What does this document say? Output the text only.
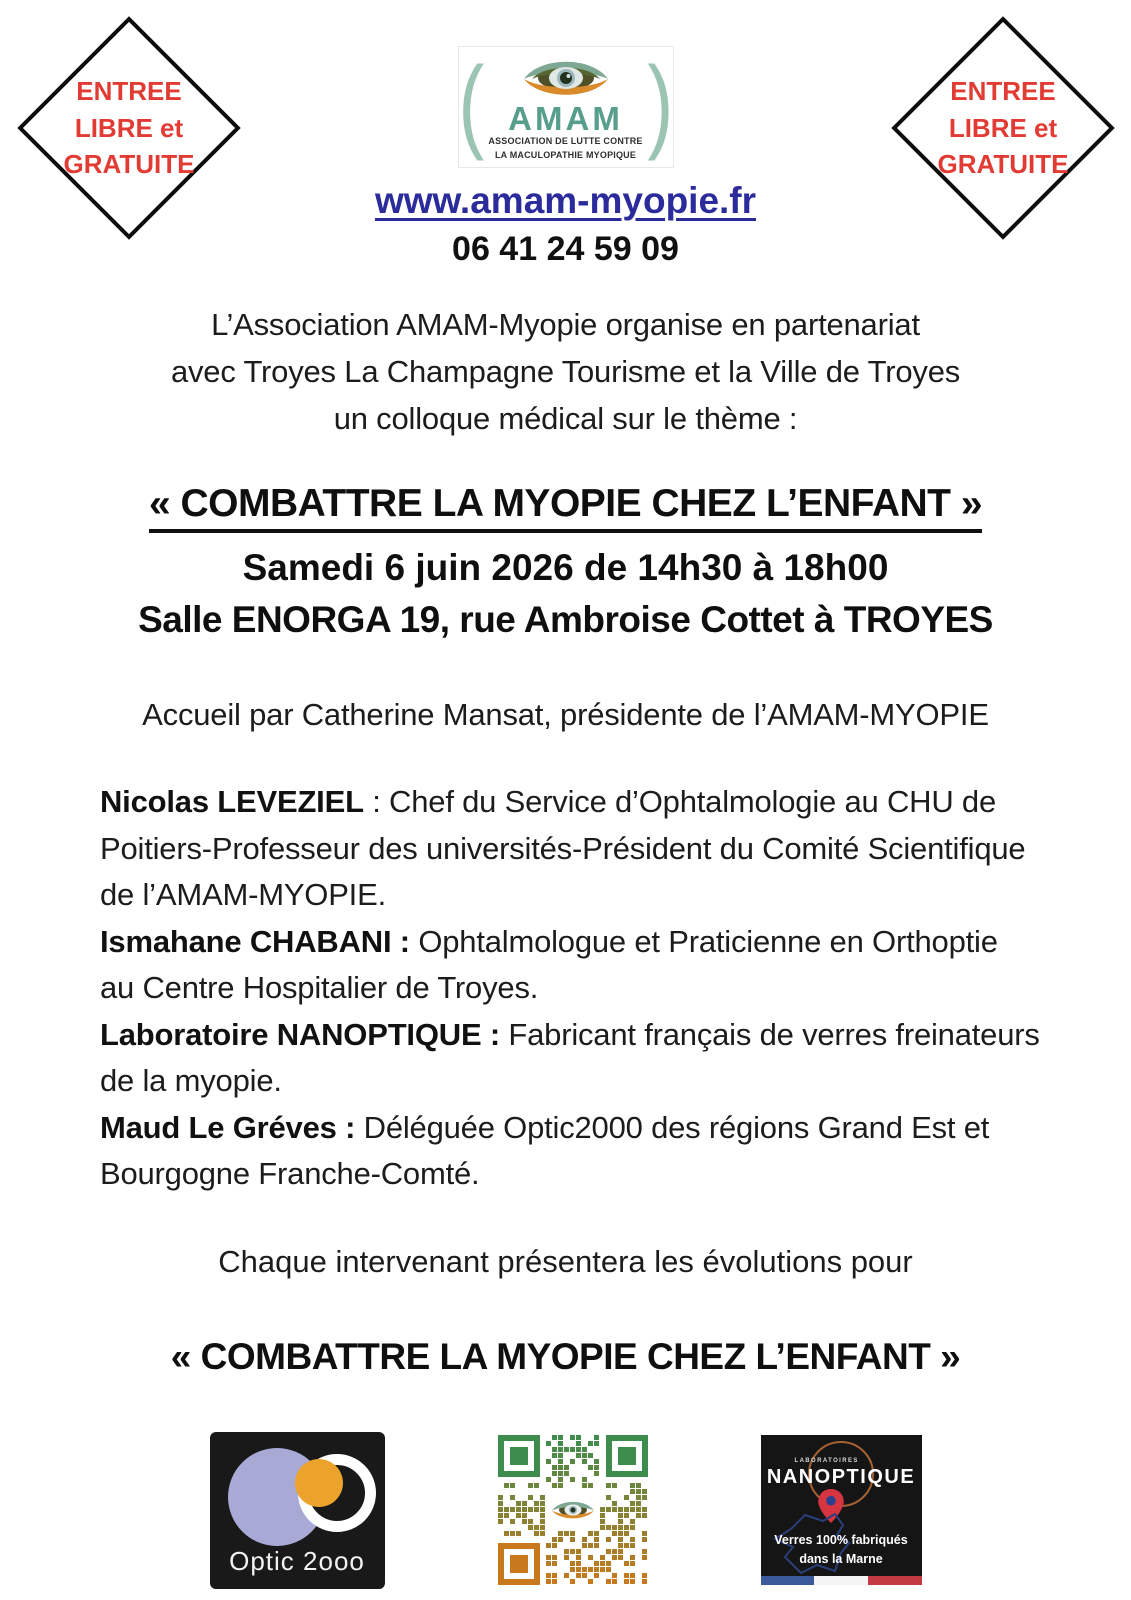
ENTREE
LIBRE et
GRATUITE
ENTREE
LIBRE et
GRATUITE
( AMAM
ASSOCIATION DE LUTTE CONTRE
LA MACULOPATHIE MYOPIQUE )
www.amam-myopie.fr
06 41 24 59 09
L’Association AMAM-Myopie organise en partenariat
avec Troyes La Champagne Tourisme et la Ville de Troyes
un colloque médical sur le thème :
« COMBATTRE LA MYOPIE CHEZ L’ENFANT »
Samedi 6 juin 2026 de 14h30 à 18h00
Salle ENORGA 19, rue Ambroise Cottet à TROYES
Accueil par Catherine Mansat, présidente de l’AMAM-MYOPIE

Nicolas LEVEZIEL : Chef du Service d’Ophtalmologie au CHU de Poitiers-Professeur des universités-Président du Comité Scientifique de l’AMAM-MYOPIE.

Ismahane CHABANI : Ophtalmologue et Praticienne en Orthoptie au Centre Hospitalier de Troyes.

Laboratoire NANOPTIQUE : Fabricant français de verres freinateurs de la myopie.

Maud Le Gréves : Déléguée Optic2000 des régions Grand Est et Bourgogne Franche-Comté.

Chaque intervenant présentera les évolutions pour
« COMBATTRE LA MYOPIE CHEZ L’ENFANT »
Optic 2ooo
LABORATOIRES
NANOPTIQUE
Verres 100% fabriqués
dans la Marne
